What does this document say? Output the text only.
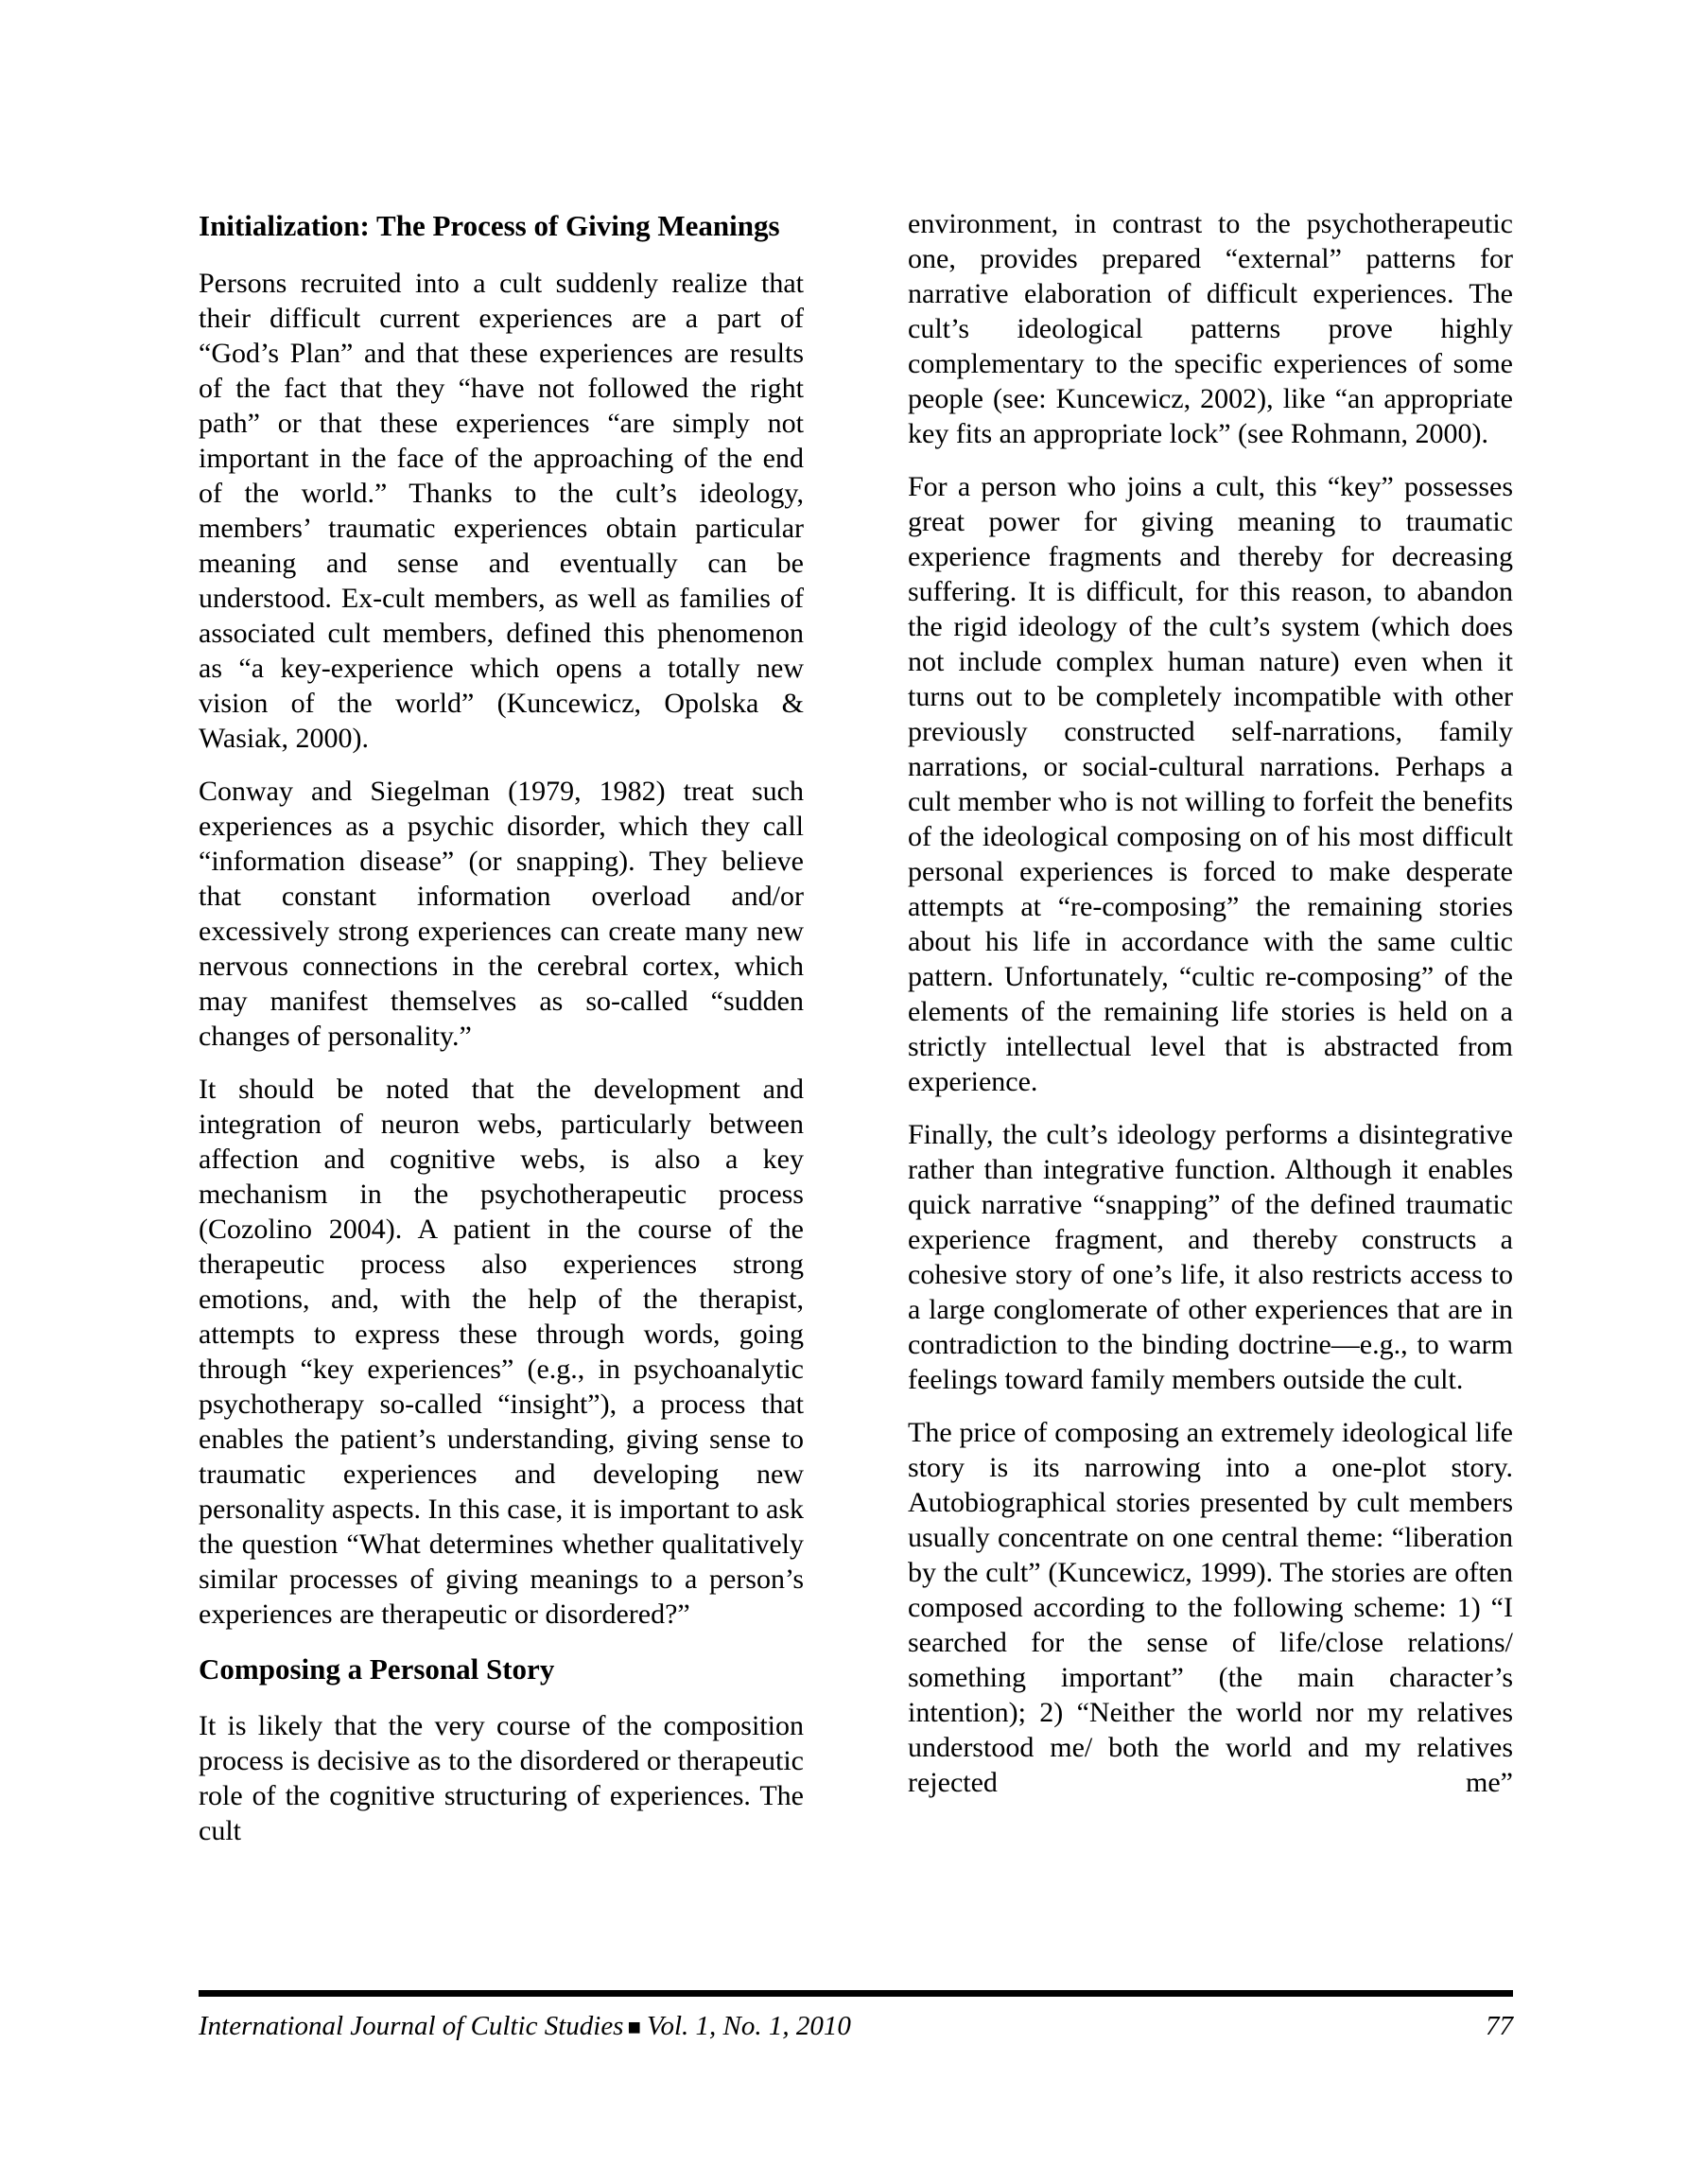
Initialization: The Process of Giving Meanings

Persons recruited into a cult suddenly realize that their difficult current experiences are a part of “God’s Plan” and that these experiences are results of the fact that they “have not followed the right path” or that these experiences “are simply not important in the face of the approaching of the end of the world.” Thanks to the cult’s ideology, members’ traumatic experiences obtain particular meaning and sense and eventually can be understood. Ex-cult members, as well as families of associated cult members, defined this phenomenon as “a key-experience which opens a totally new vision of the world” (Kuncewicz, Opolska & Wasiak, 2000).

Conway and Siegelman (1979, 1982) treat such experiences as a psychic disorder, which they call “information disease” (or snapping). They believe that constant information overload and/or excessively strong experiences can create many new nervous connections in the cerebral cortex, which may manifest themselves as so-called “sudden changes of personality.”

It should be noted that the development and integration of neuron webs, particularly between affection and cognitive webs, is also a key mechanism in the psychotherapeutic process (Cozolino 2004). A patient in the course of the therapeutic process also experiences strong emotions, and, with the help of the therapist, attempts to express these through words, going through “key experiences” (e.g., in psychoanalytic psychotherapy so-called “insight”), a process that enables the patient’s understanding, giving sense to traumatic experiences and developing new personality aspects. In this case, it is important to ask the question “What determines whether qualitatively similar processes of giving meanings to a person’s experiences are therapeutic or disordered?”

Composing a Personal Story

It is likely that the very course of the composition process is decisive as to the disordered or therapeutic role of the cognitive structuring of experiences. The cult

environment, in contrast to the psychotherapeutic one, provides prepared “external” patterns for narrative elaboration of difficult experiences. The cult’s ideological patterns prove highly complementary to the specific experiences of some people (see: Kuncewicz, 2002), like “an appropriate key fits an appropriate lock” (see Rohmann, 2000).

For a person who joins a cult, this “key” possesses great power for giving meaning to traumatic experience fragments and thereby for decreasing suffering. It is difficult, for this reason, to abandon the rigid ideology of the cult’s system (which does not include complex human nature) even when it turns out to be completely incompatible with other previously constructed self-narrations, family narrations, or social-cultural narrations. Perhaps a cult member who is not willing to forfeit the benefits of the ideological composing on of his most difficult personal experiences is forced to make desperate attempts at “re-composing” the remaining stories about his life in accordance with the same cultic pattern. Unfortunately, “cultic re-composing” of the elements of the remaining life stories is held on a strictly intellectual level that is abstracted from experience.

Finally, the cult’s ideology performs a disintegrative rather than integrative function. Although it enables quick narrative “snapping” of the defined traumatic experience fragment, and thereby constructs a cohesive story of one’s life, it also restricts access to a large conglomerate of other experiences that are in contradiction to the binding doctrine—e.g., to warm feelings toward family members outside the cult.

The price of composing an extremely ideological life story is its narrowing into a one-plot story. Autobiographical stories presented by cult members usually concentrate on one central theme: “liberation by the cult” (Kuncewicz, 1999). The stories are often composed according to the following scheme: 1) “I searched for the sense of life/close relations/ something important” (the main character’s intention); 2) “Neither the world nor my relatives understood me/ both the world and my relatives rejected me”

International Journal of Cultic Studies ■ Vol. 1, No. 1, 2010	77
